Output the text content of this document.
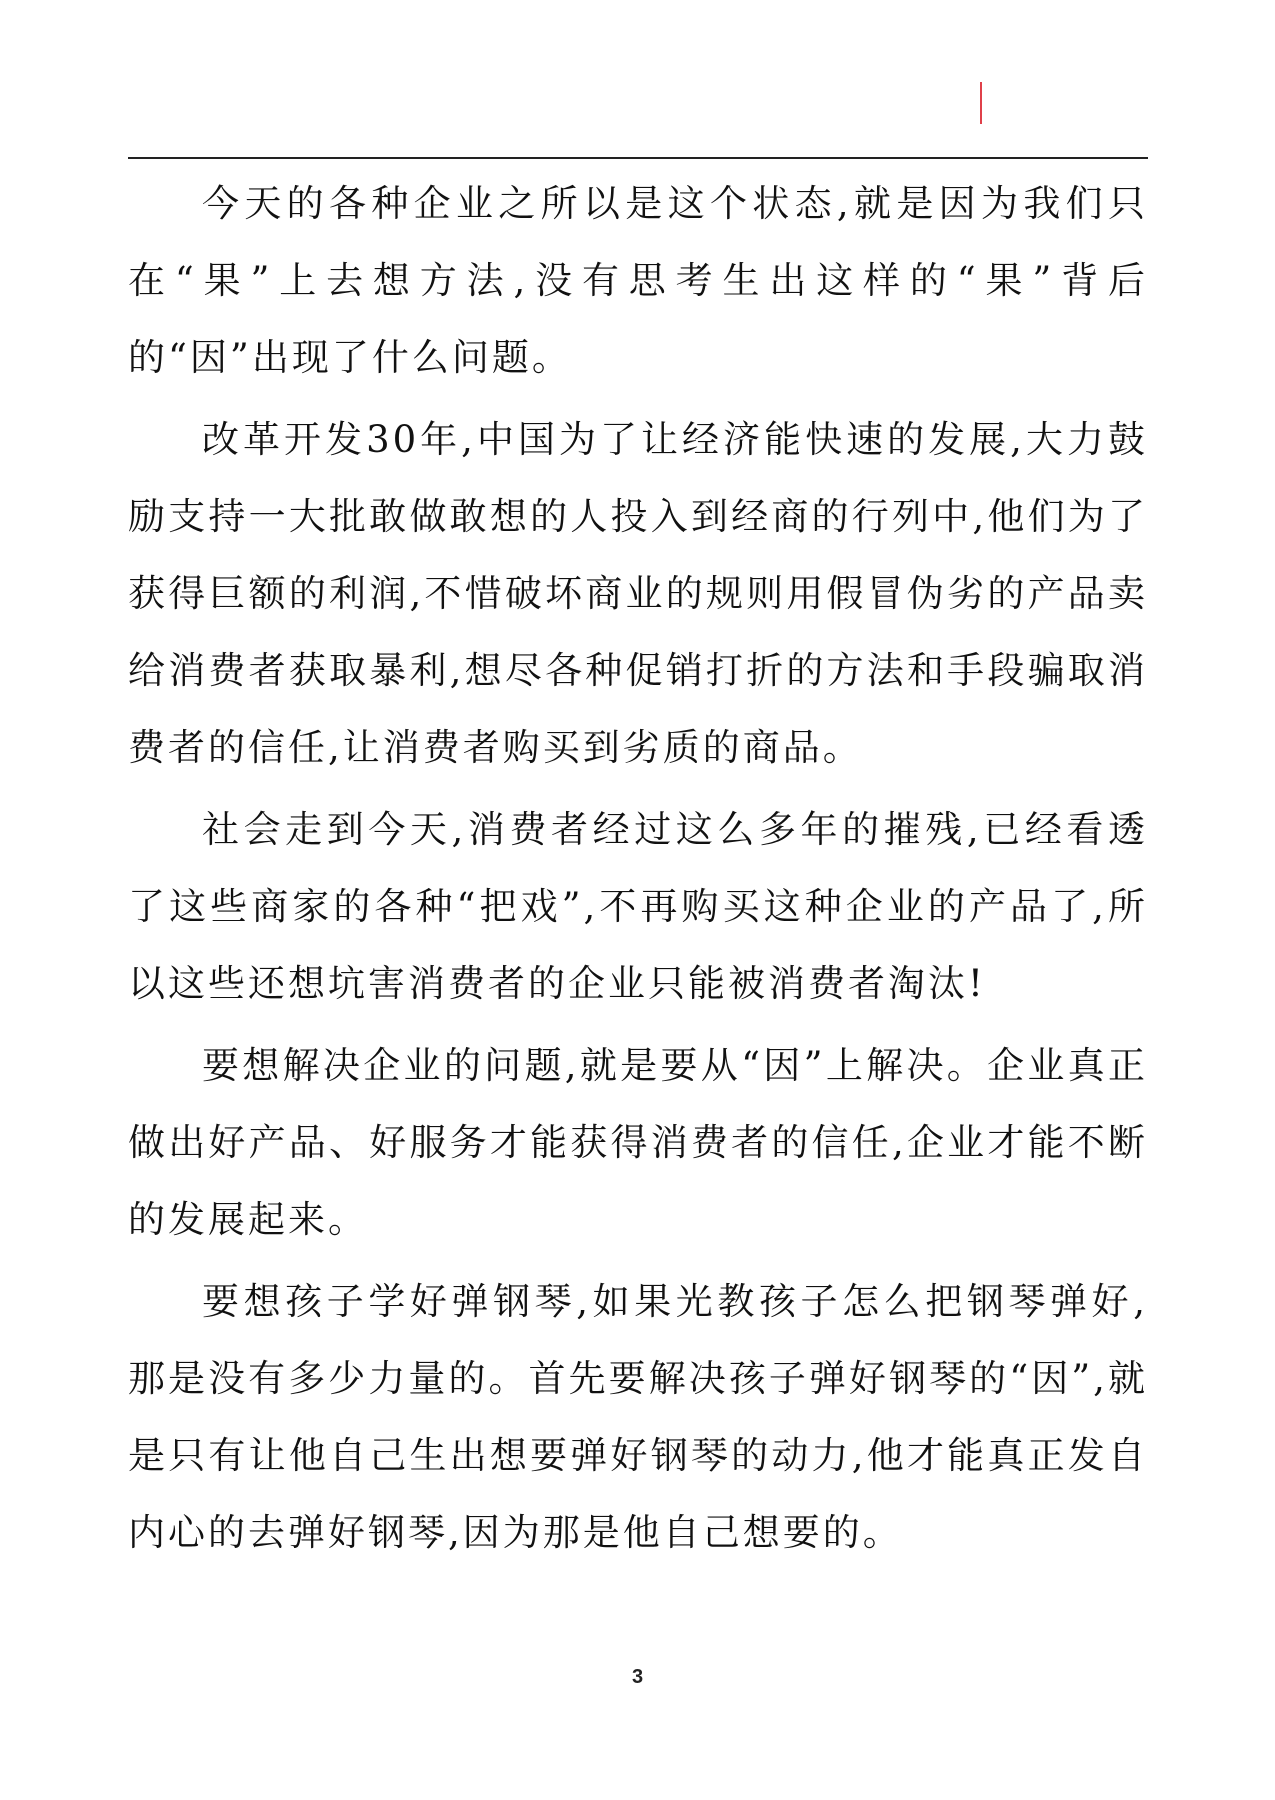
今天的各种企业之所以是这个状态,就是因为我们只在“果”上去想方法,没有思考生出这样的“果”背后的“因”出现了什么问题。

改革开发30年,中国为了让经济能快速的发展,大力鼓励支持一大批敢做敢想的人投入到经商的行列中,他们为了获得巨额的利润,不惜破坏商业的规则用假冒伪劣的产品卖给消费者获取暴利,想尽各种促销打折的方法和手段骗取消费者的信任,让消费者购买到劣质的商品。

社会走到今天,消费者经过这么多年的摧残,已经看透了这些商家的各种“把戏”,不再购买这种企业的产品了,所以这些还想坑害消费者的企业只能被消费者淘汰!

要想解决企业的问题,就是要从“因”上解决。企业真正做出好产品、好服务才能获得消费者的信任,企业才能不断的发展起来。

要想孩子学好弹钢琴,如果光教孩子怎么把钢琴弹好,那是没有多少力量的。首先要解决孩子弹好钢琴的“因”,就是只有让他自己生出想要弹好钢琴的动力,他才能真正发自内心的去弹好钢琴,因为那是他自己想要的。

3
